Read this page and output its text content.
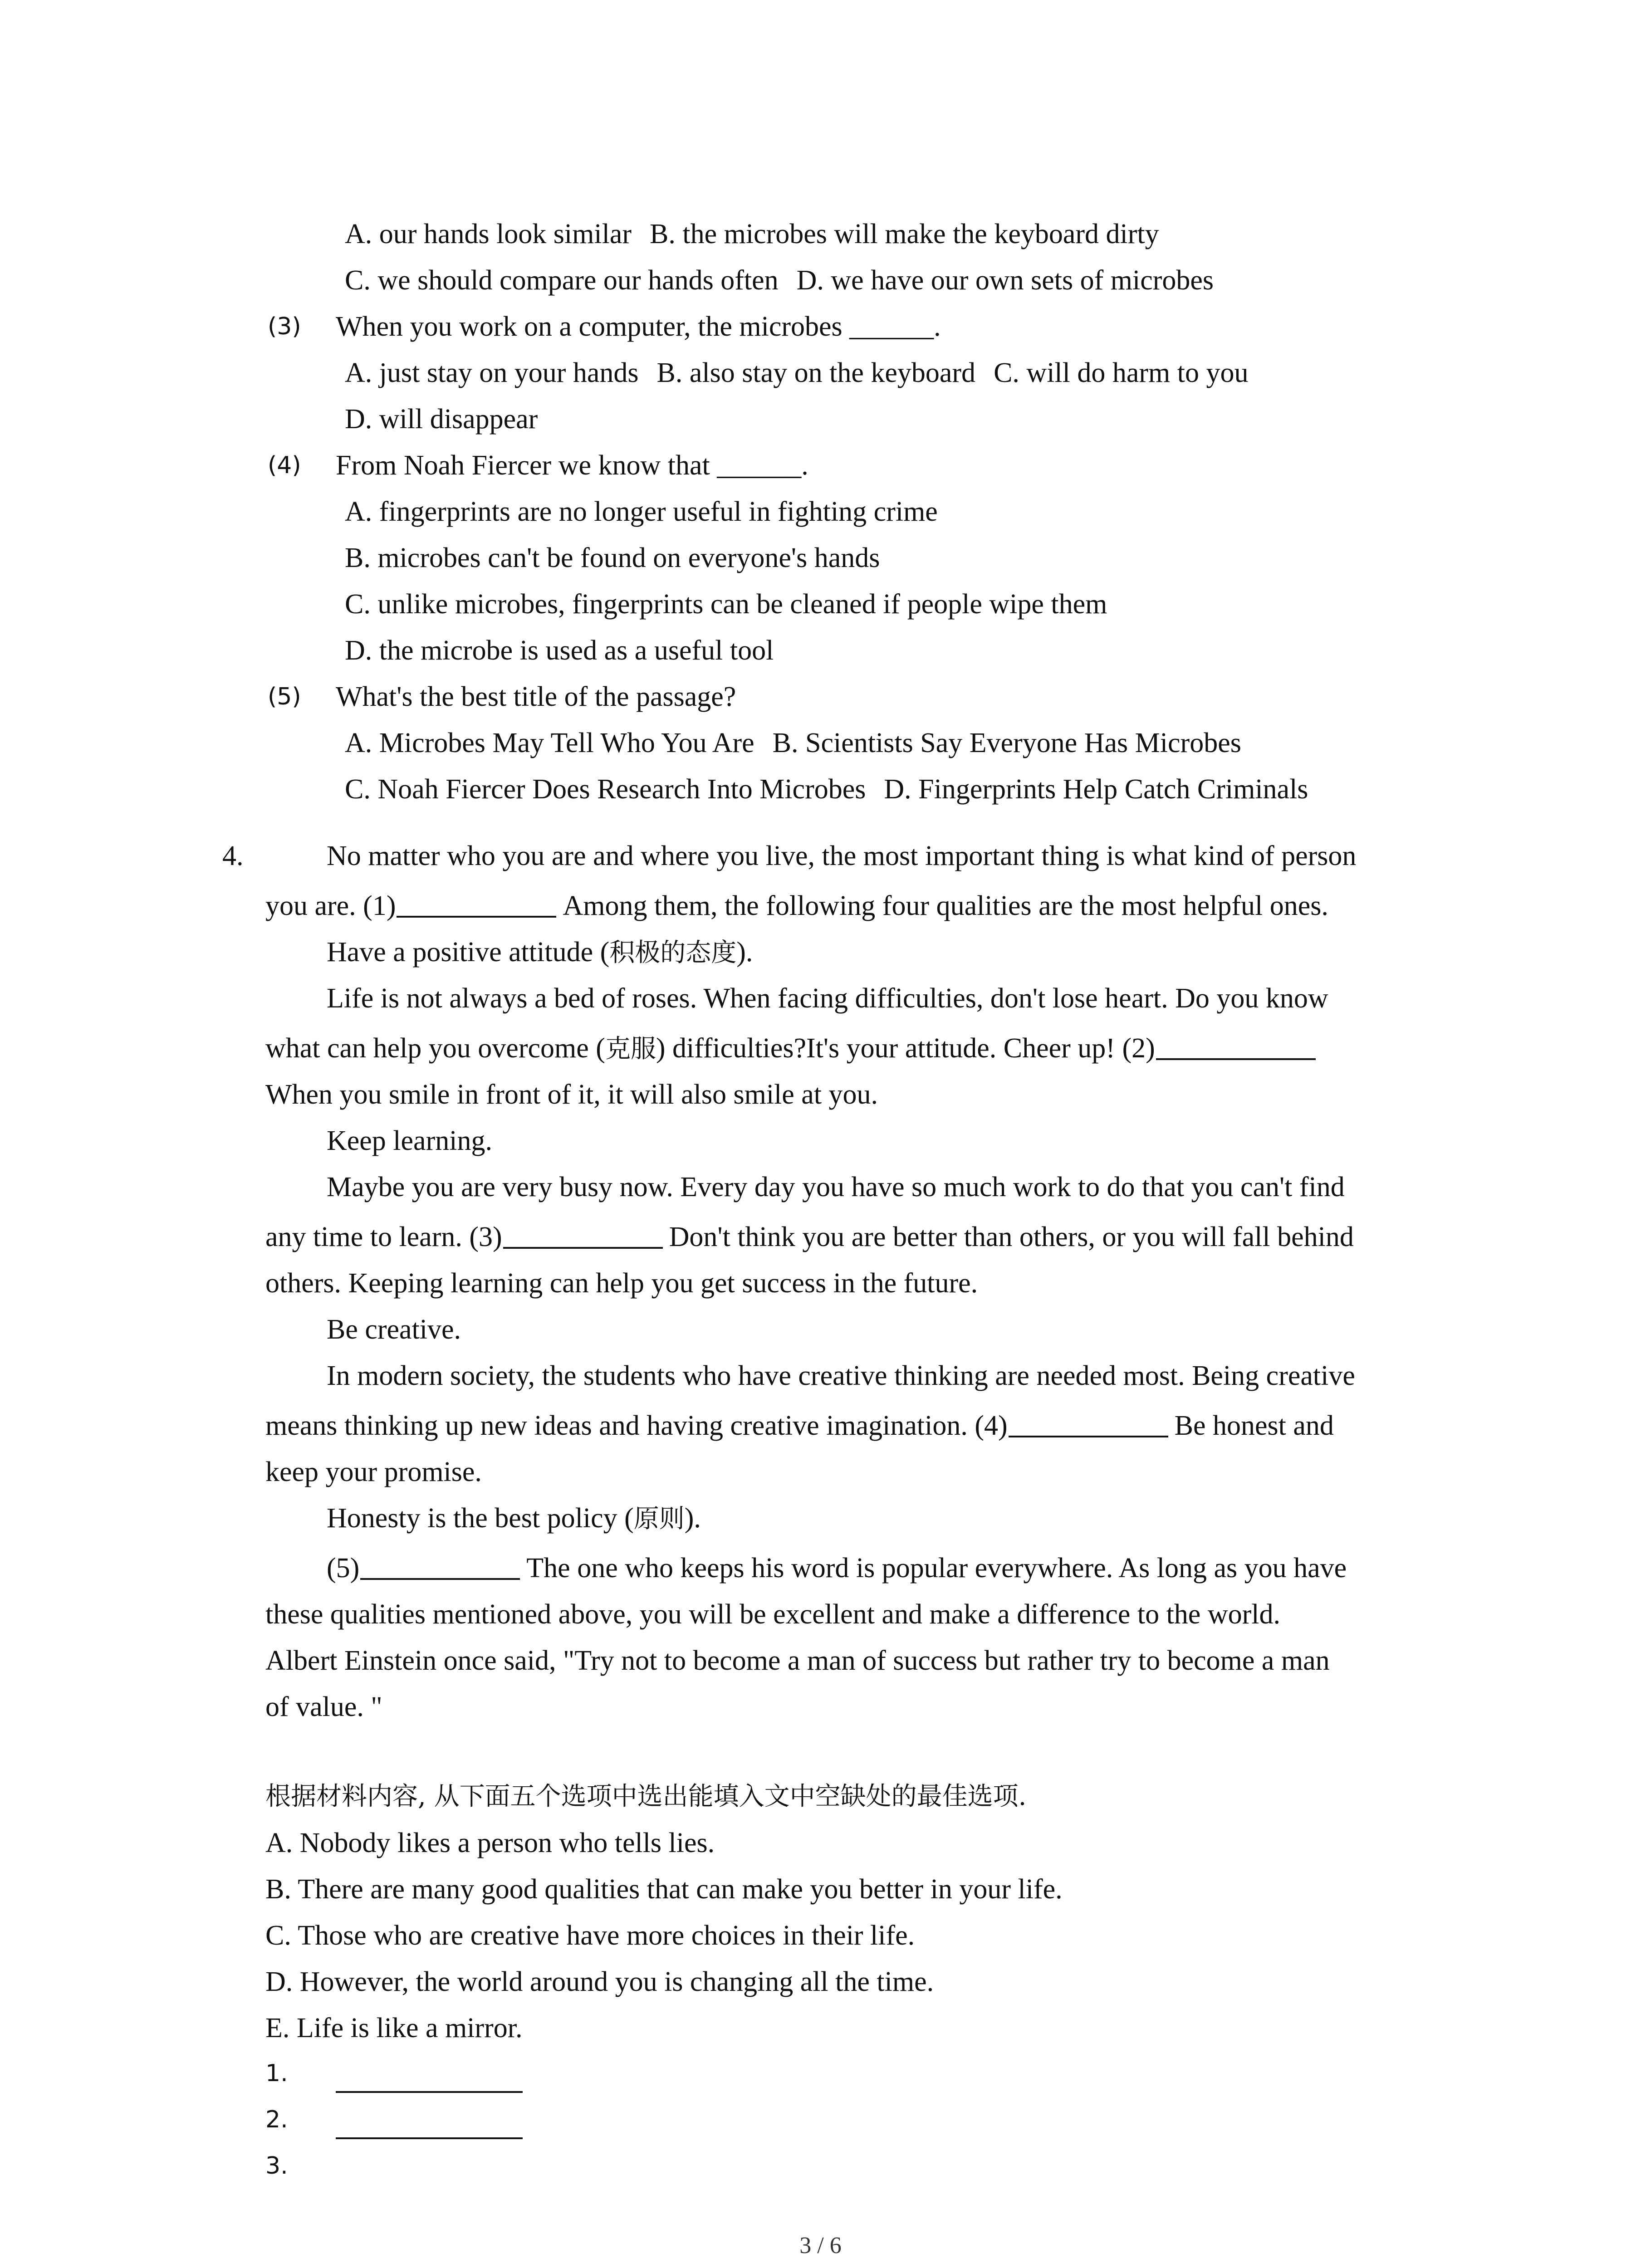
A. our hands look similar B. the microbes will make the keyboard dirty
C. we should compare our hands often D. we have our own sets of microbes
(3) When you work on a computer, the microbes ______.
A. just stay on your hands B. also stay on the keyboard C. will do harm to you
D. will disappear
(4) From Noah Fiercer we know that ______.
A. fingerprints are no longer useful in fighting crime
B. microbes can't be found on everyone's hands
C. unlike microbes, fingerprints can be cleaned if people wipe them
D. the microbe is used as a useful tool
(5) What's the best title of the passage?
A. Microbes May Tell Who You Are B. Scientists Say Everyone Has Microbes
C. Noah Fiercer Does Research Into Microbes D. Fingerprints Help Catch Criminals
4.	No matter who you are and where you live, the most important thing is what kind of person
you are. (1)	Among them, the following four qualities are the most helpful ones.
Have a positive attitude (积极的态度).
Life is not always a bed of roses. When facing difficulties, don't lose heart. Do you know
what can help you overcome (克服) difficulties?It's your attitude. Cheer up! (2)
When you smile in front of it, it will also smile at you.
Keep learning.
Maybe you are very busy now. Every day you have so much work to do that you can't find
any time to learn. (3)	Don't think you are better than others, or you will fall behind
others. Keeping learning can help you get success in the future.
Be creative.
In modern society, the students who have creative thinking are needed most. Being creative
means thinking up new ideas and having creative imagination. (4)	Be honest and
keep your promise.
Honesty is the best policy (原则).
(5)	The one who keeps his word is popular everywhere. As long as you have
these qualities mentioned above, you will be excellent and make a difference to the world.
Albert Einstein once said, "Try not to become a man of success but rather try to become a man
of value. "
根据材料内容, 从下面五个选项中选出能填入文中空缺处的最佳选项.
A. Nobody likes a person who tells lies.
B. There are many good qualities that can make you better in your life.
C. Those who are creative have more choices in their life.
D. However, the world around you is changing all the time.
E. Life is like a mirror.
1.
2.
3.
3 / 6
